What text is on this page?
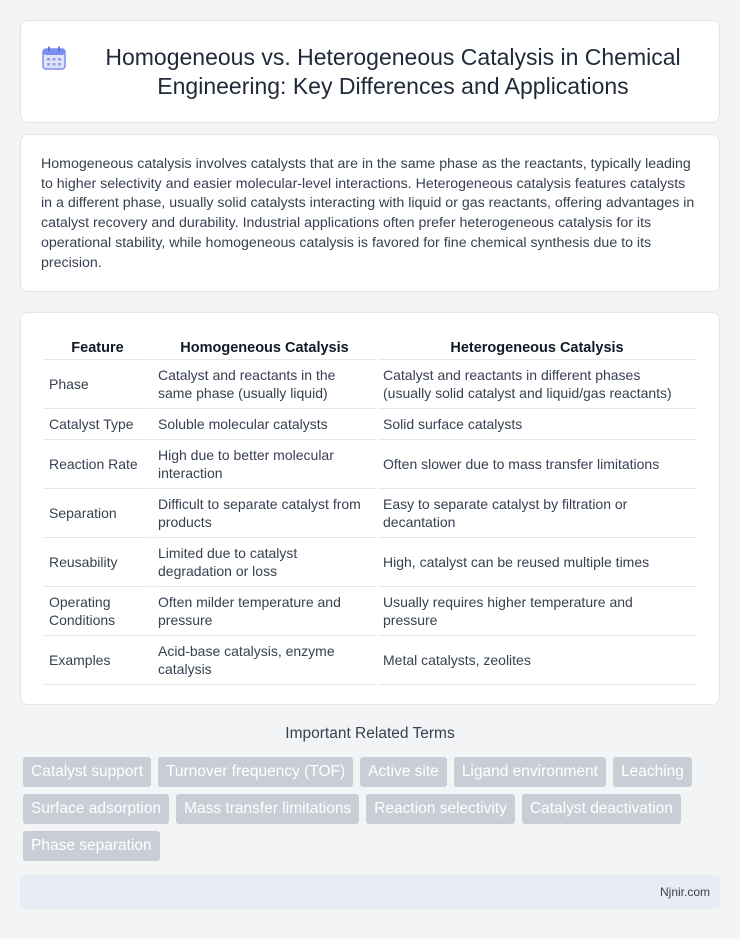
Homogeneous vs. Heterogeneous Catalysis in Chemical Engineering: Key Differences and Applications

Homogeneous catalysis involves catalysts that are in the same phase as the reactants, typically leading to higher selectivity and easier molecular-level interactions. Heterogeneous catalysis features catalysts in a different phase, usually solid catalysts interacting with liquid or gas reactants, offering advantages in catalyst recovery and durability. Industrial applications often prefer heterogeneous catalysis for its operational stability, while homogeneous catalysis is favored for fine chemical synthesis due to its precision.

Feature	Homogeneous Catalysis	Heterogeneous Catalysis
Phase	Catalyst and reactants in the same phase (usually liquid)	Catalyst and reactants in different phases (usually solid catalyst and liquid/gas reactants)
Catalyst Type	Soluble molecular catalysts	Solid surface catalysts
Reaction Rate	High due to better molecular interaction	Often slower due to mass transfer limitations
Separation	Difficult to separate catalyst from products	Easy to separate catalyst by filtration or decantation
Reusability	Limited due to catalyst degradation or loss	High, catalyst can be reused multiple times
Operating Conditions	Often milder temperature and pressure	Usually requires higher temperature and pressure
Examples	Acid-base catalysis, enzyme catalysis	Metal catalysts, zeolites
Important Related Terms
Catalyst support	Turnover frequency (TOF)	Active site	Ligand environment	Leaching
Surface adsorption	Mass transfer limitations	Reaction selectivity	Catalyst deactivation
Phase separation
Njnir.com
